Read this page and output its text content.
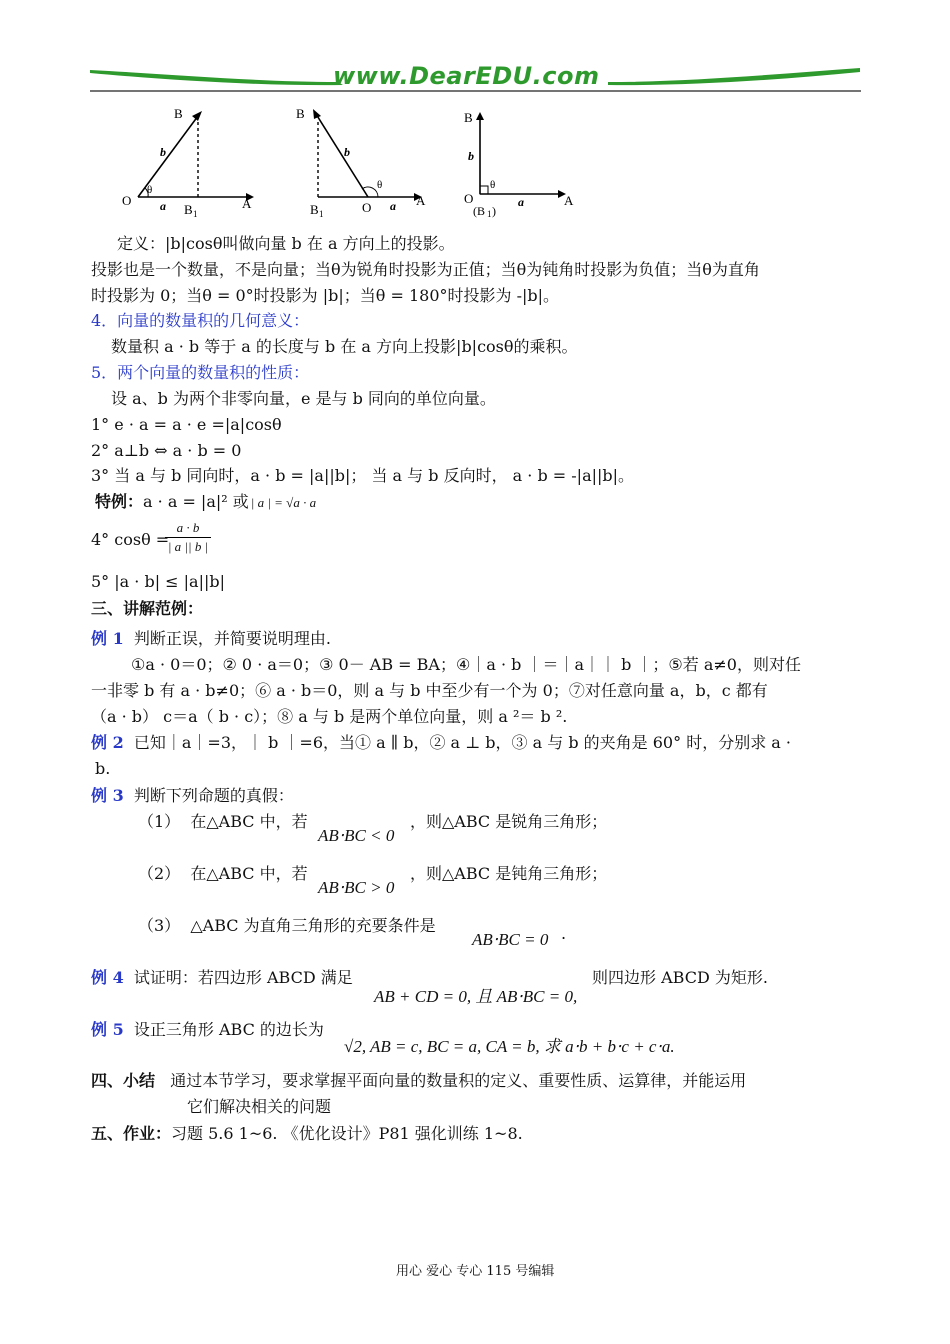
www.DearEDU.com
B
b
O
θ
a B 1
A
B
b
B 1	O
θ
a A
B
b
O
θ
(B 1 )
a	A
定义：|b|cosθ叫做向量 b 在 a 方向上的投影。
投影也是一个数量，不是向量；当θ为锐角时投影为正值；当θ为钝角时投影为负值；当θ为直角
时投影为 0；当θ = 0°时投影为 |b|；当θ = 180°时投影为 -|b|。
4．向量的数量积的几何意义：
数量积 a · b 等于 a 的长度与 b 在 a 方向上投影|b|cosθ的乘积。
5．两个向量的数量积的性质：
设 a、b 为两个非零向量，e 是与 b 同向的单位向量。
1° e · a = a · e =|a|cosθ
2° a⊥b ⇔ a · b = 0
3° 当 a 与 b 同向时，a · b = |a||b|； 当 a 与 b 反向时， a · b = -|a||b|。
特例：a · a = |a|² 或 | a | = √a · a
4° cosθ =
a · b
| a || b |
5° |a · b| ≤ |a||b|
三、讲解范例：
例 1 判断正误，并简要说明理由.
①a · 0＝0；② 0 · a＝0；③ 0－ AB = BA；④｜a · b ｜＝｜a｜｜ b ｜；⑤若 a≠0，则对任
一非零 b 有 a · b≠0；⑥ a · b＝0，则 a 与 b 中至少有一个为 0；⑦对任意向量 a，b，c 都有
（a · b） c＝a（ b · c）；⑧ a 与 b 是两个单位向量，则 a ²＝ b ².
例 2 已知｜a｜=3，｜ b ｜=6，当① a ∥ b，② a ⊥ b，③ a 与 b 的夹角是 60° 时，分别求 a ·
b.
例 3 判断下列命题的真假：
（1） 在△ABC 中，若
AB⋅BC < 0
，则△ABC 是锐角三角形；
（2） 在△ABC 中，若
AB⋅BC > 0
，则△ABC 是钝角三角形；
（3） △ABC 为直角三角形的充要条件是
AB⋅BC = 0 .
例 4 试证明：若四边形 ABCD 满足
AB + CD = 0, 且 AB⋅BC = 0,
则四边形 ABCD 为矩形.
例 5 设正三角形 ABC 的边长为
√2, AB = c, BC = a, CA = b, 求 a⋅b + b⋅c + c⋅a.
四、小结 通过本节学习，要求掌握平面向量的数量积的定义、重要性质、运算律，并能运用
它们解决相关的问题
五、作业：习题 5.6 1~6. 《优化设计》P81 强化训练 1~8.
用心 爱心 专心 115 号编辑
